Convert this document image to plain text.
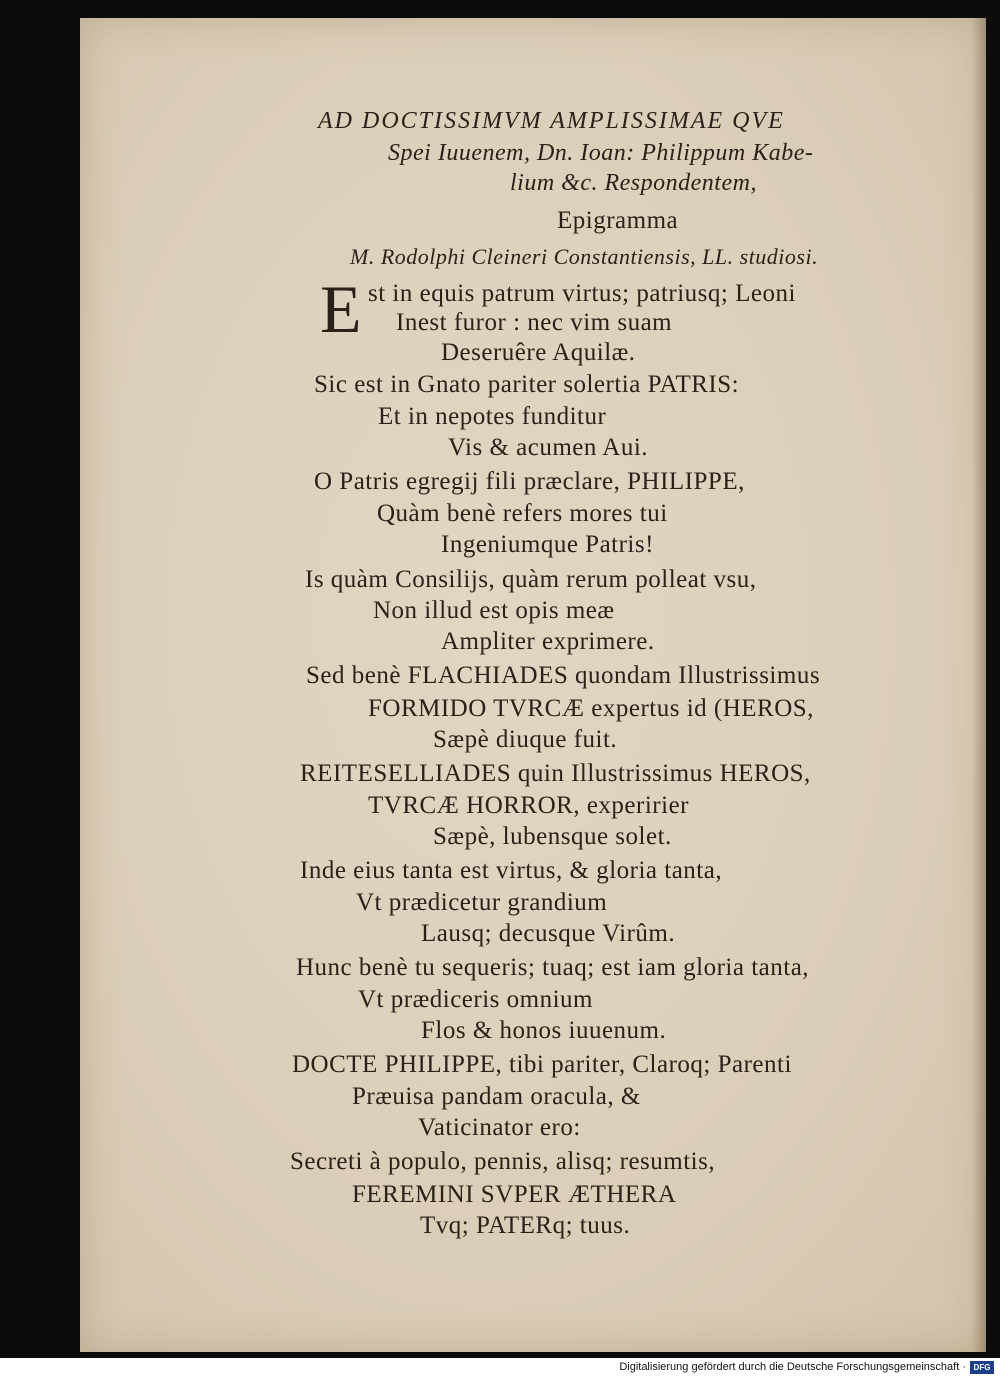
AD DOCTISSIMVM AMPLISSIMAE QVE
Spei Iuuenem, Dn. Ioan: Philippum Kabe-
lium &c. Respondentem,
Epigramma
M. Rodolphi Cleineri Constantiensis, LL. studiosi.
E st in equis patrum virtus; patriusq; Leoni
Inest furor : nec vim suam
Deseruêre Aquilæ.
Sic est in Gnato pariter solertia PATRIS:
Et in nepotes funditur
Vis & acumen Aui.
O Patris egregij fili præclare, PHILIPPE,
Quàm benè refers mores tui
Ingeniumque Patris!
Is quàm Consilijs, quàm rerum polleat vsu,
Non illud est opis meæ
Ampliter exprimere.
Sed benè FLACHIADES quondam Illustrissimus
FORMIDO TVRCÆ expertus id (HEROS,
Sæpè diuque fuit.
REITESELLIADES quin Illustrissimus HEROS,
TVRCÆ HORROR, experirier
Sæpè, lubensque solet.
Inde eius tanta est virtus, & gloria tanta,
Vt prædicetur grandium
Lausq; decusque Virûm.
Hunc benè tu sequeris; tuaq; est iam gloria tanta,
Vt prædiceris omnium
Flos & honos iuuenum.
DOCTE PHILIPPE, tibi pariter, Claroq; Parenti
Præuisa pandam oracula, &
Vaticinator ero:
Secreti à populo, pennis, alisq; resumtis,
FEREMINI SVPER ÆTHERA
Tvq; PATERq; tuus.
Digitalisierung gefördert durch die Deutsche Forschungsgemeinschaft · DFG
